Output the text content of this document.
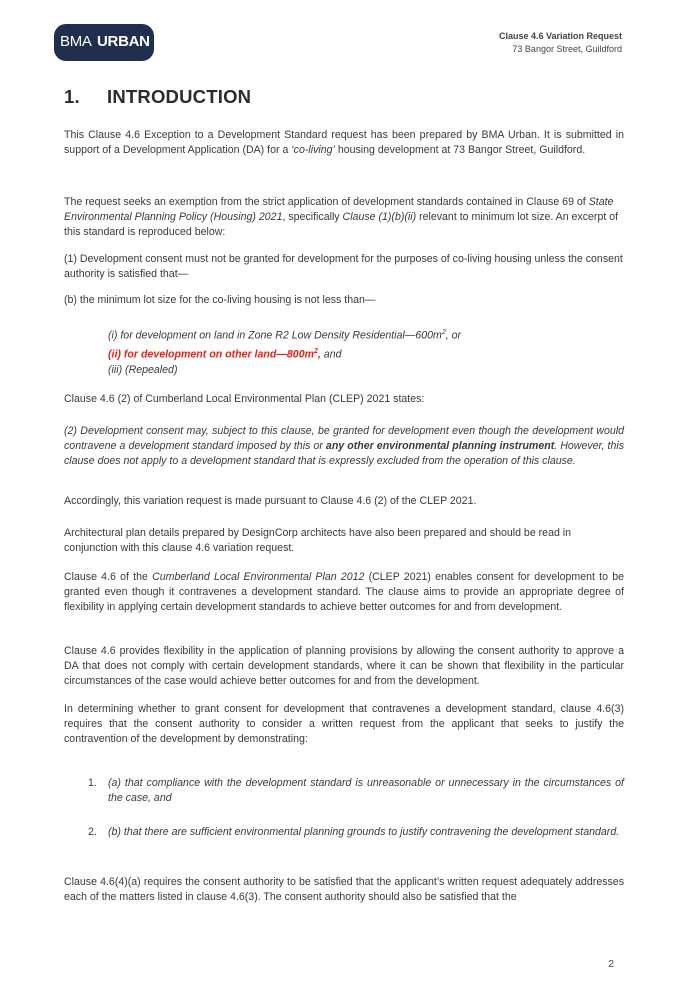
BMA URBAN	Clause 4.6 Variation Request
73 Bangor Street, Guildford
1. INTRODUCTION

This Clause 4.6 Exception to a Development Standard request has been prepared by BMA Urban. It is submitted in support of a Development Application (DA) for a ‘co-living’ housing development at 73 Bangor Street, Guildford.

The request seeks an exemption from the strict application of development standards contained in Clause 69 of State Environmental Planning Policy (Housing) 2021, specifically Clause (1)(b)(ii) relevant to minimum lot size. An excerpt of this standard is reproduced below:

(1) Development consent must not be granted for development for the purposes of co-living housing unless the consent authority is satisfied that—

(b) the minimum lot size for the co-living housing is not less than—

(i) for development on land in Zone R2 Low Density $Residential—600m^2$, or
(ii) for development on other $land—800m^2$, and
(iii) (Repealed)

Clause 4.6 (2) of Cumberland Local Environmental Plan (CLEP) 2021 states:

(2) Development consent may, subject to this clause, be granted for development even though the development would contravene a development standard imposed by this or any other environmental planning instrument. However, this clause does not apply to a development standard that is expressly excluded from the operation of this clause.

Accordingly, this variation request is made pursuant to Clause 4.6 (2) of the CLEP 2021.

Architectural plan details prepared by DesignCorp architects have also been prepared and should be read in conjunction with this clause 4.6 variation request.

Clause 4.6 of the Cumberland Local Environmental Plan 2012 (CLEP 2021) enables consent for development to be granted even though it contravenes a development standard. The clause aims to provide an appropriate degree of flexibility in applying certain development standards to achieve better outcomes for and from development.

Clause 4.6 provides flexibility in the application of planning provisions by allowing the consent authority to approve a DA that does not comply with certain development standards, where it can be shown that flexibility in the particular circumstances of the case would achieve better outcomes for and from the development.

In determining whether to grant consent for development that contravenes a development standard, clause 4.6(3) requires that the consent authority to consider a written request from the applicant that seeks to justify the contravention of the development by demonstrating:

1. (a) that compliance with the development standard is unreasonable or unnecessary in the circumstances of the case, and

2. (b) that there are sufficient environmental planning grounds to justify contravening the development standard.

Clause 4.6(4)(a) requires the consent authority to be satisfied that the applicant’s written request adequately addresses each of the matters listed in clause 4.6(3). The consent authority should also be satisfied that the

2
